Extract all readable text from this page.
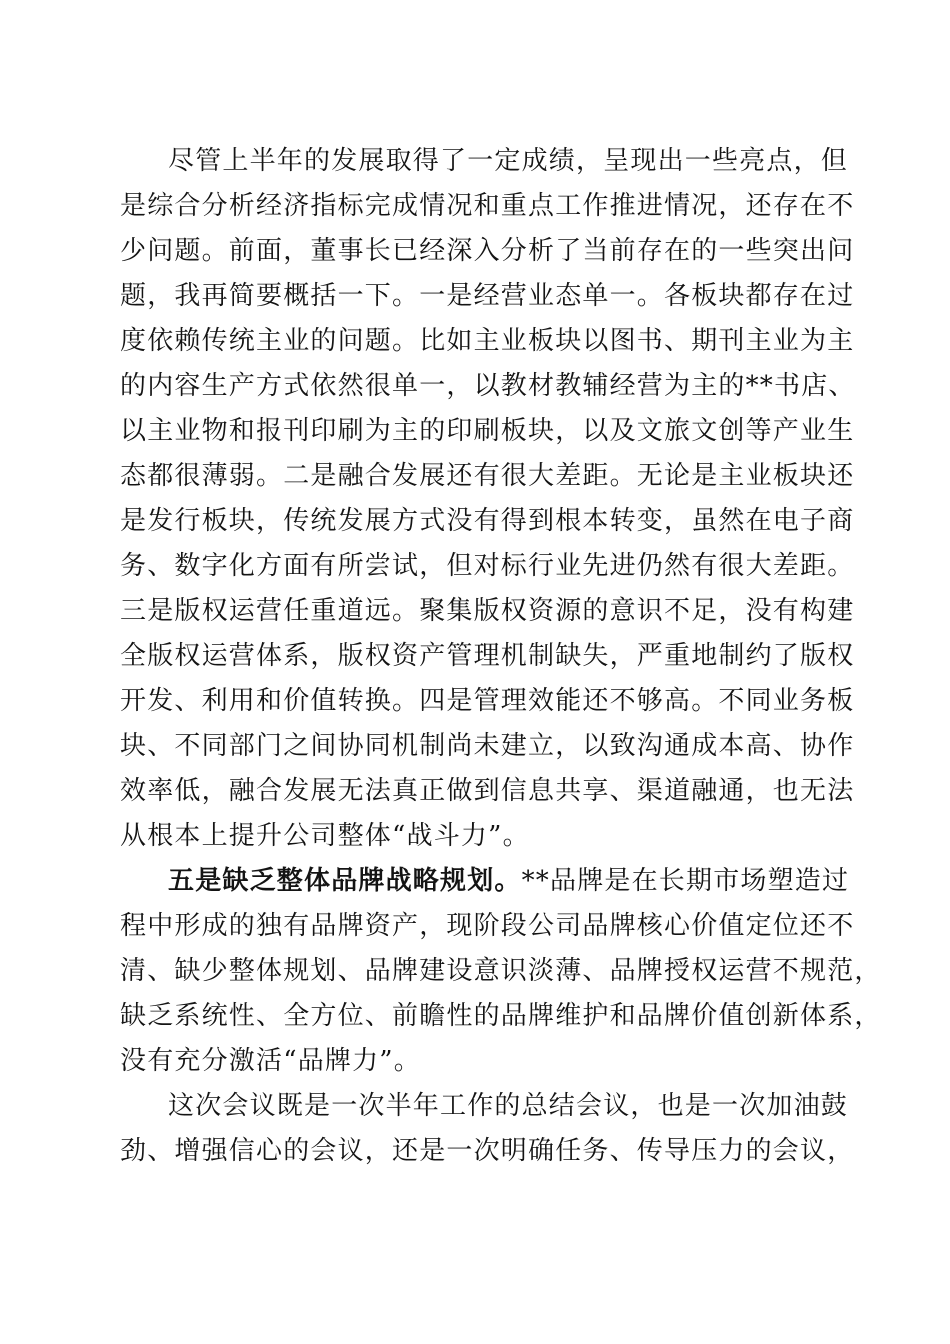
尽管上半年的发展取得了一定成绩，呈现出一些亮点，但
是综合分析经济指标完成情况和重点工作推进情况，还存在不
少问题。前面，董事长已经深入分析了当前存在的一些突出问
题，我再简要概括一下。一是经营业态单一。各板块都存在过
度依赖传统主业的问题。比如主业板块以图书、期刊主业为主
的内容生产方式依然很单一，以教材教辅经营为主的**书店、
以主业物和报刊印刷为主的印刷板块，以及文旅文创等产业生
态都很薄弱。二是融合发展还有很大差距。无论是主业板块还
是发行板块，传统发展方式没有得到根本转变，虽然在电子商
务、数字化方面有所尝试，但对标行业先进仍然有很大差距。
三是版权运营任重道远。聚集版权资源的意识不足，没有构建
全版权运营体系，版权资产管理机制缺失，严重地制约了版权
开发、利用和价值转换。四是管理效能还不够高。不同业务板
块、不同部门之间协同机制尚未建立，以致沟通成本高、协作
效率低，融合发展无法真正做到信息共享、渠道融通，也无法
从根本上提升公司整体“战斗力”。
五是缺乏整体品牌战略规划。**品牌是在长期市场塑造过
程中形成的独有品牌资产，现阶段公司品牌核心价值定位还不
清、缺少整体规划、品牌建设意识淡薄、品牌授权运营不规范，
缺乏系统性、全方位、前瞻性的品牌维护和品牌价值创新体系，
没有充分激活“品牌力”。
这次会议既是一次半年工作的总结会议，也是一次加油鼓
劲、增强信心的会议，还是一次明确任务、传导压力的会议，
